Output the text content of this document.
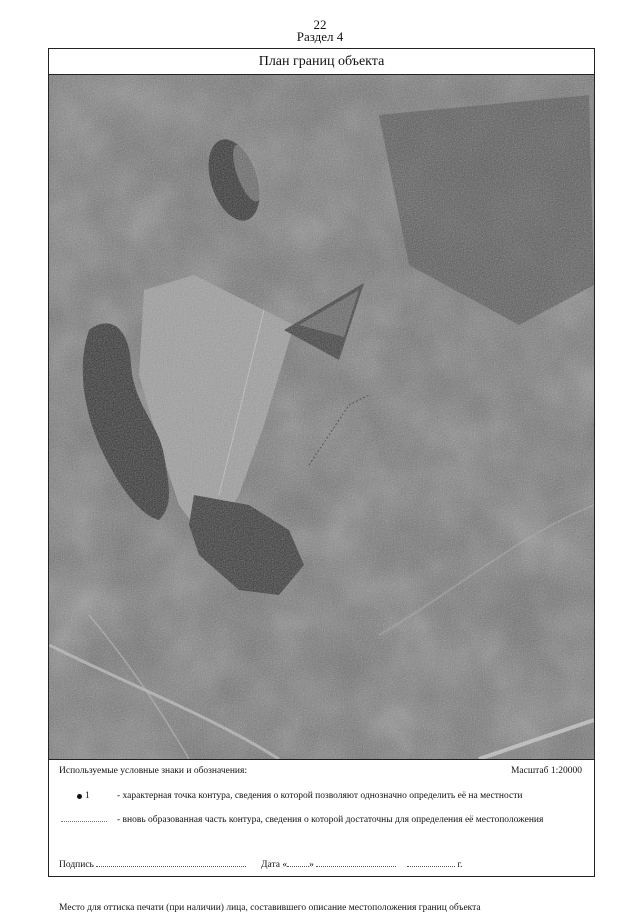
22
Раздел 4
План границ объекта
Используемые условные знаки и обозначения:	Масштаб 1:20000
1	- характерная точка контура, сведения о которой позволяют однозначно определить её на местности
- вновь образованная часть контура, сведения о которой достаточны для определения её местоположения
Подпись	Дата « »	г.
Место для оттиска печати (при наличии) лица, составившего описание местоположения границ объекта
